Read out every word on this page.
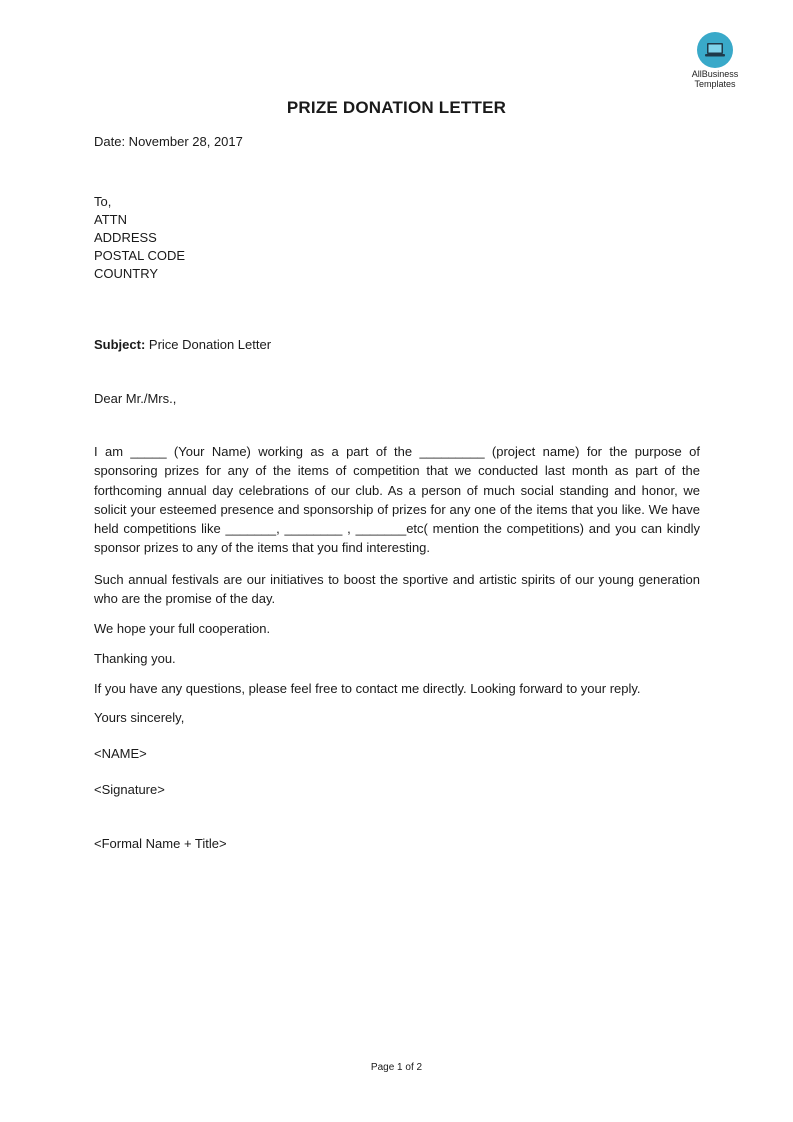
AllBusiness
Templates
PRIZE DONATION LETTER
Date: November 28, 2017
To,
ATTN
ADDRESS
POSTAL CODE
COUNTRY
Subject: Price Donation Letter
Dear Mr./Mrs.,
I am _____ (Your Name) working as a part of the _________ (project name) for the purpose of sponsoring prizes for any of the items of competition that we conducted last month as part of the forthcoming annual day celebrations of our club. As a person of much social standing and honor, we solicit your esteemed presence and sponsorship of prizes for any one of the items that you like. We have held competitions like _______, ________ , _______etc( mention the competitions) and you can kindly sponsor prizes to any of the items that you find interesting.
Such annual festivals are our initiatives to boost the sportive and artistic spirits of our young generation who are the promise of the day.
We hope your full cooperation.
Thanking you.
If you have any questions, please feel free to contact me directly. Looking forward to your reply.
Yours sincerely,
<NAME>
<Signature>
<Formal Name + Title>
Page 1 of 2
